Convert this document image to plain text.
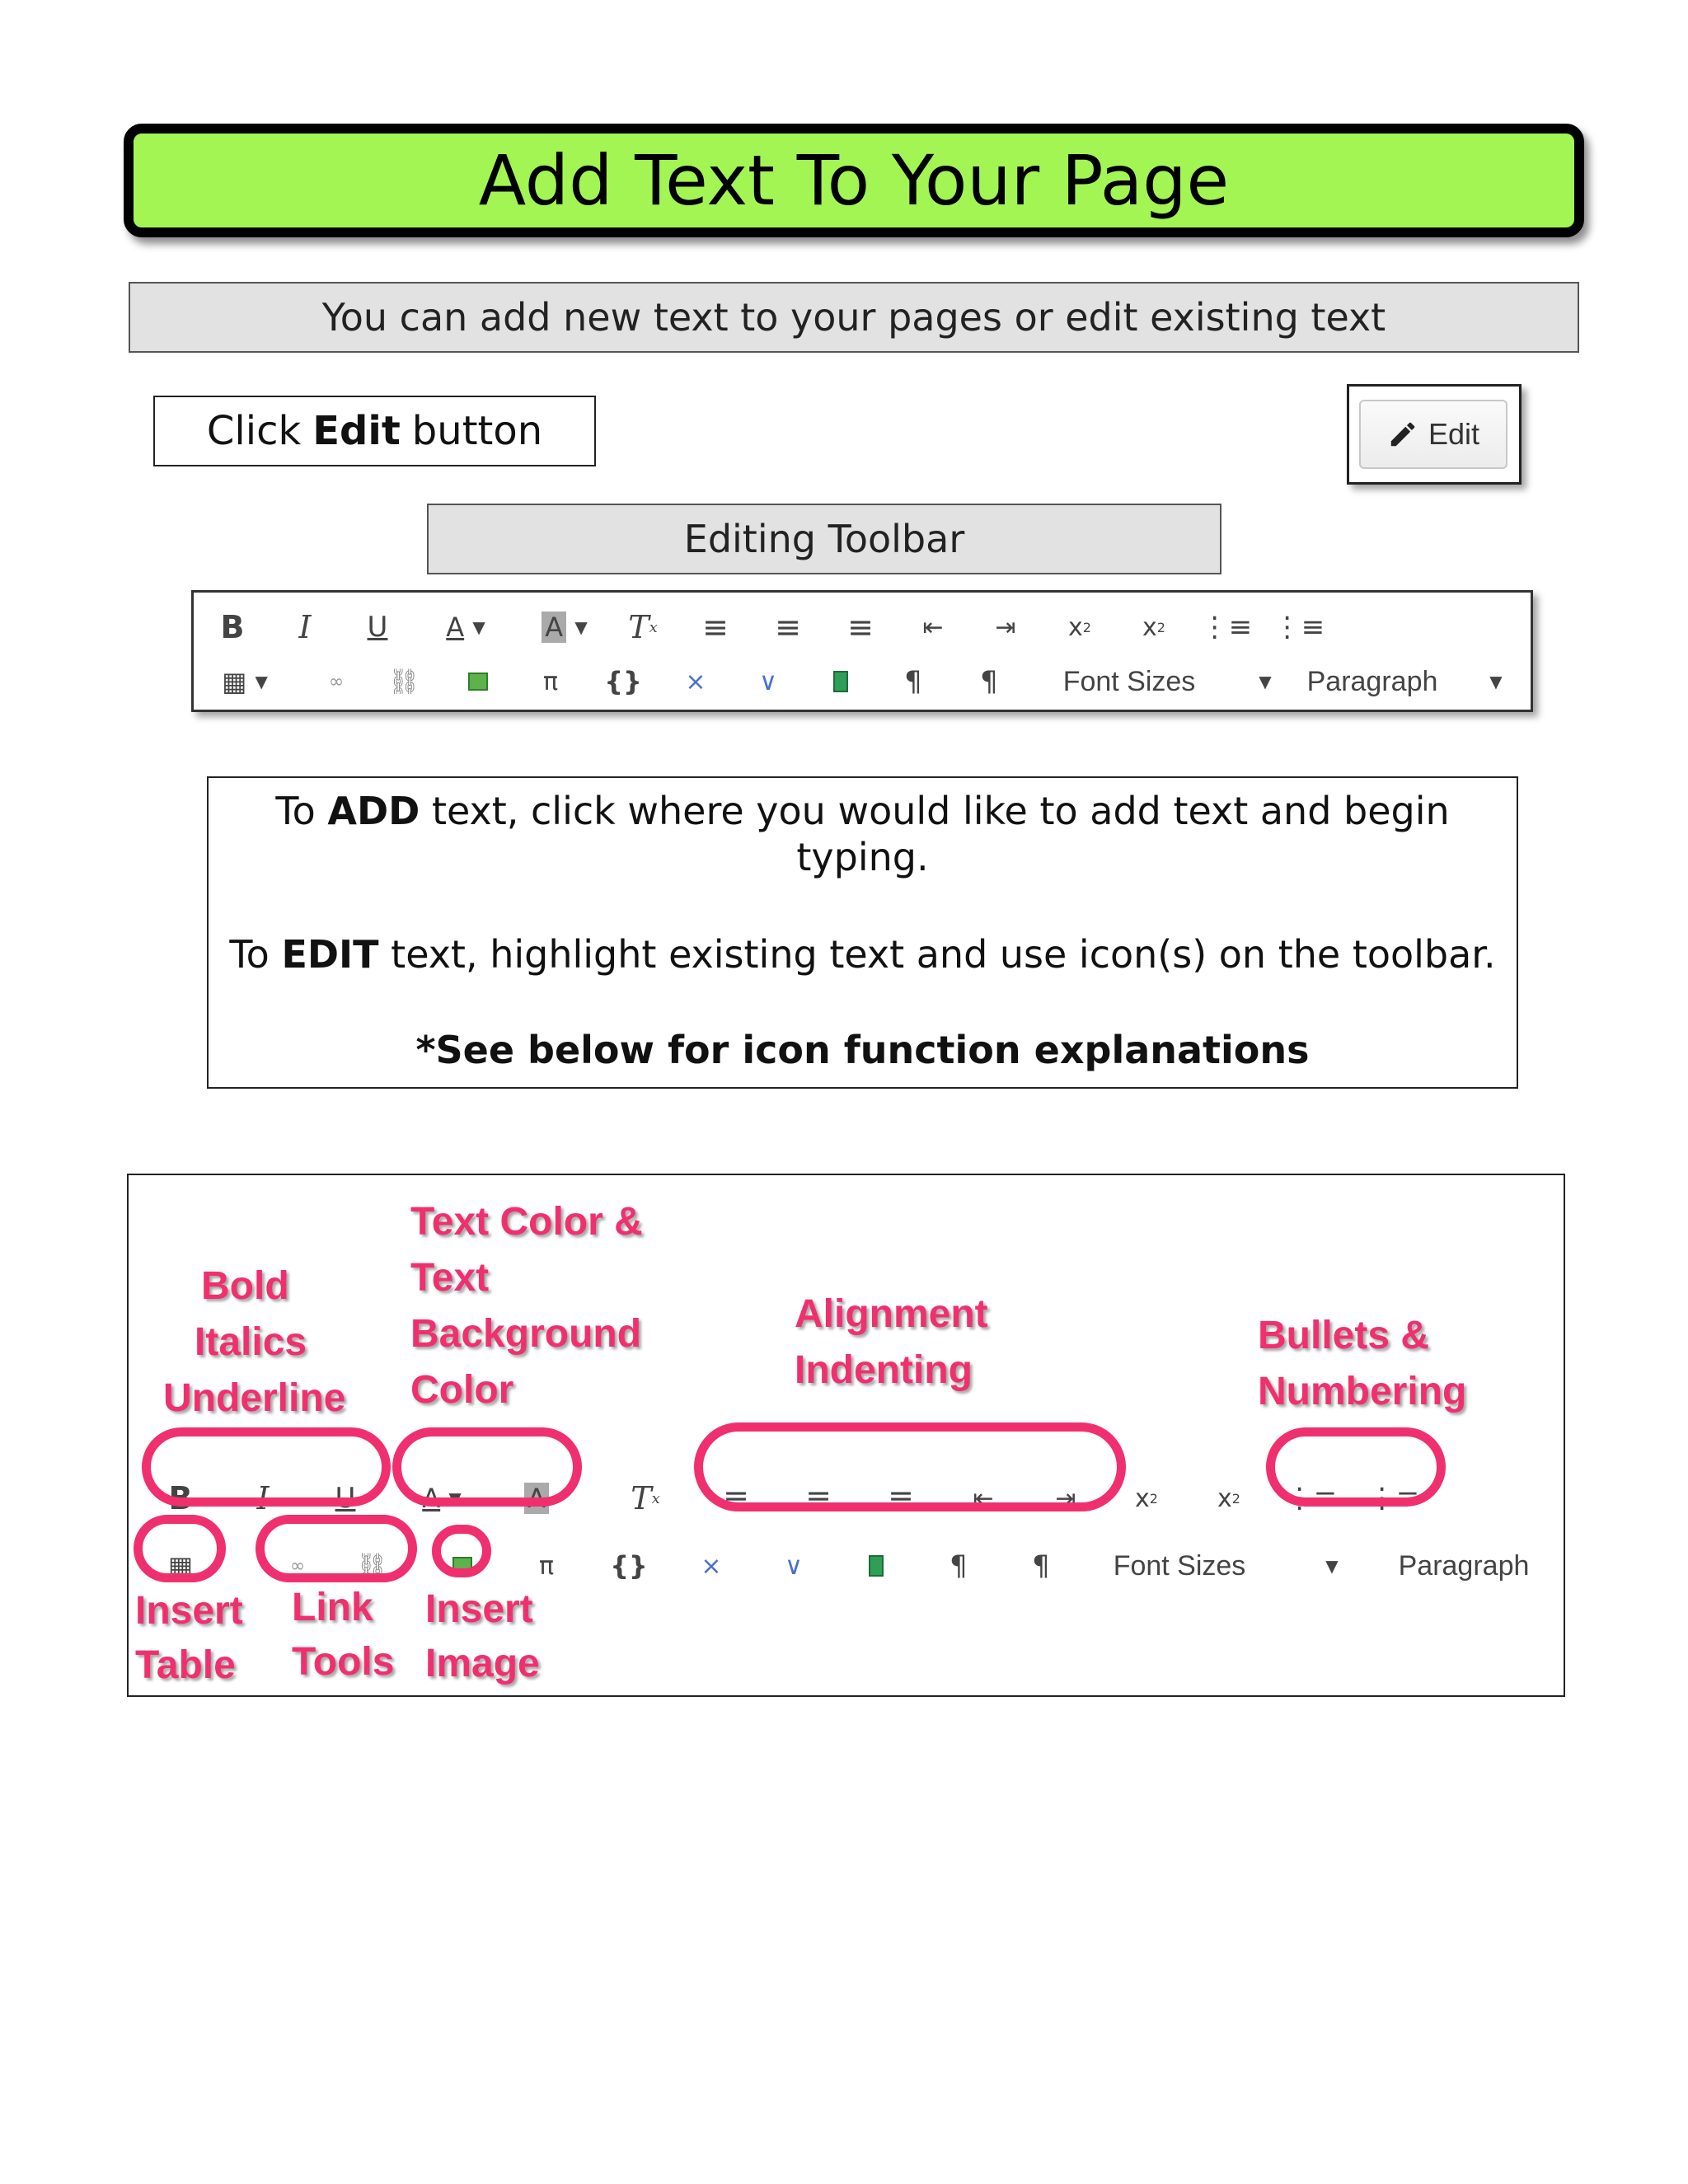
Add Text To Your Page
You can add new text to your pages or edit existing text
Click Edit button	Edit
Editing Toolbar
B	I	U	A
▼ A
▼ T x ≡ ≡ ≡	⇤	⇥	x 2	x 2 ⋮≡ ⋮≡
▦ ▼	∞	⛓	π	{}	⨯	∨	¶	¶	Font Sizes	▼	Paragraph	▼

To ADD text, click where you would like to add text and begin typing.

To EDIT text, highlight existing text and use icon(s) on the toolbar.

*See below for icon function explanations

Bold
Italics
Underline
Text Color &
Text
Background
Color
Alignment
Indenting
Bullets &
Numbering
Insert
Table
Link
Tools
Insert
Image
B	I	U	A
▼	A	T x ≡ ≡ ≡	⇤	⇥	x 2	x 2 ⋮≡ ⋮≡
▦	∞	⛓	π	{}	⨯	∨	¶	¶	Font Sizes	▼	Paragraph
